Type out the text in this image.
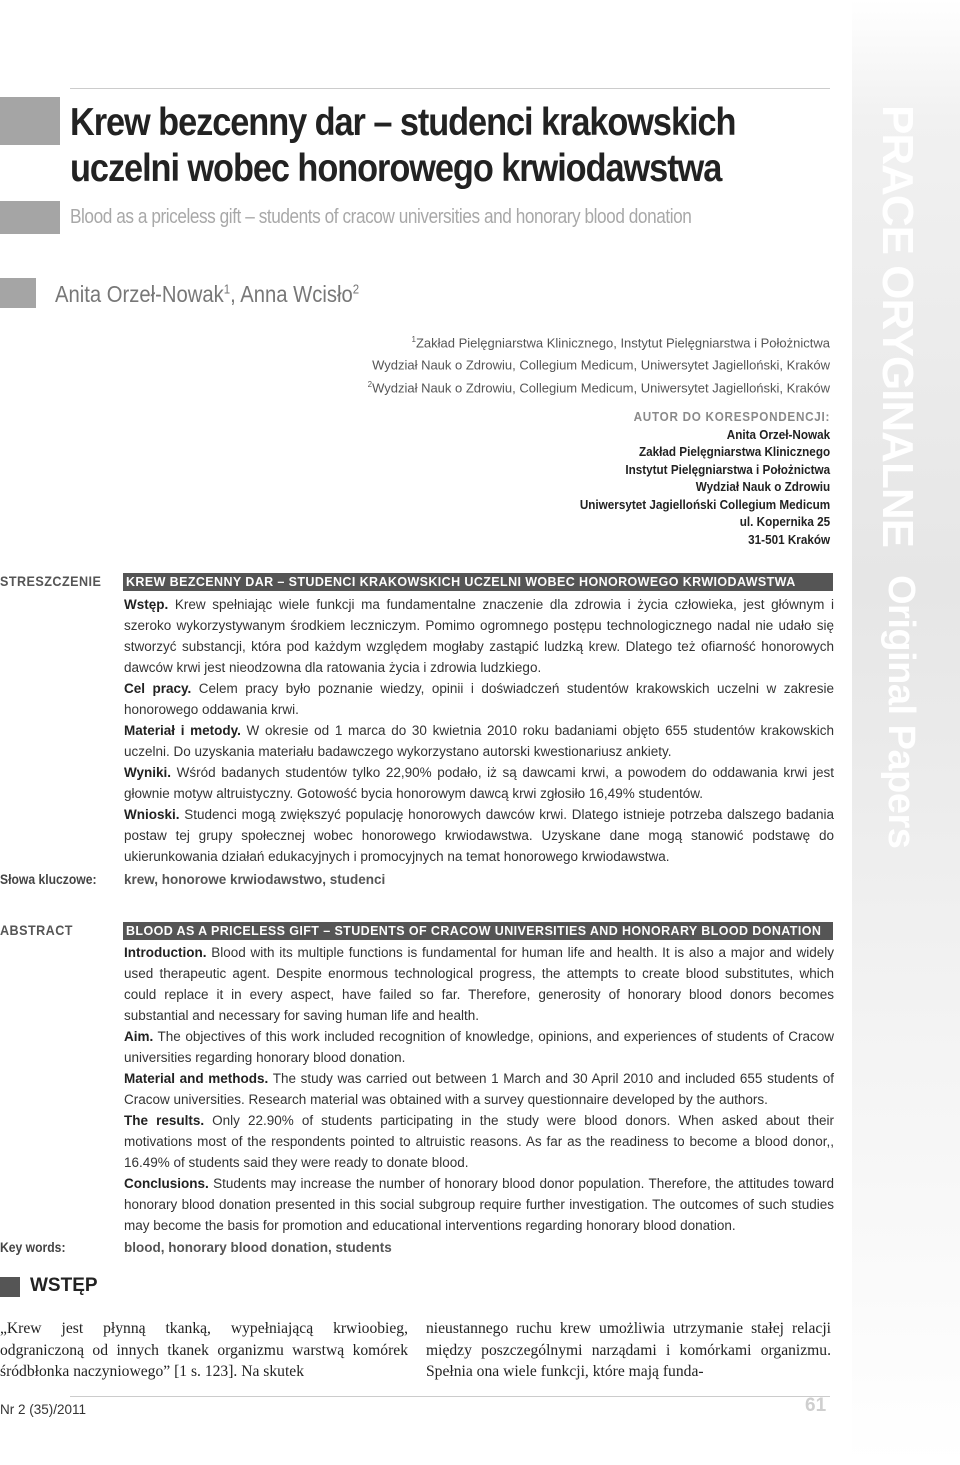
PRACE ORYGINALNE
Original Papers
Krew bezcenny dar – studenci krakowskich uczelni wobec honorowego krwiodawstwa
Blood as a priceless gift – students of cracow universities and honorary blood donation
Anita Orzeł-Nowak$^1$, Anna Wcisło$^2$
$^1$Zakład Pielęgniarstwa Klinicznego, Instytut Pielęgniarstwa i Położnictwa
Wydział Nauk o Zdrowiu, Collegium Medicum, Uniwersytet Jagielloński, Kraków
$^2$Wydział Nauk o Zdrowiu, Collegium Medicum, Uniwersytet Jagielloński, Kraków
AUTOR DO KORESPONDENCJI:
Anita Orzeł-Nowak
Zakład Pielęgniarstwa Klinicznego
Instytut Pielęgniarstwa i Położnictwa
Wydział Nauk o Zdrowiu
Uniwersytet Jagielloński Collegium Medicum
ul. Kopernika 25
31-501 Kraków
STRESZCZENIE KREW BEZCENNY DAR – STUDENCI KRAKOWSKICH UCZELNI WOBEC HONOROWEGO KRWIODAWSTWA

Wstęp. Krew spełniając wiele funkcji ma fundamentalne znaczenie dla zdrowia i życia człowieka, jest głównym i szeroko wykorzystywanym środkiem leczniczym. Pomimo ogromnego postępu technologicznego nadal nie udało się stworzyć substancji, która pod każdym względem mogłaby zastąpić ludzką krew. Dlatego też ofiarność honorowych dawców krwi jest nieodzowna dla ratowania życia i zdrowia ludzkiego.

Cel pracy. Celem pracy było poznanie wiedzy, opinii i doświadczeń studentów krakowskich uczelni w zakresie honorowego oddawania krwi.

Materiał i metody. W okresie od 1 marca do 30 kwietnia 2010 roku badaniami objęto 655 studentów krakowskich uczelni. Do uzyskania materiału badawczego wykorzystano autorski kwestionariusz ankiety.

Wyniki. Wśród badanych studentów tylko 22,90% podało, iż są dawcami krwi, a powodem do oddawania krwi jest głownie motyw altruistyczny. Gotowość bycia honorowym dawcą krwi zgłosiło 16,49% studentów.

Wnioski. Studenci mogą zwiększyć populację honorowych dawców krwi. Dlatego istnieje potrzeba dalszego badania postaw tej grupy społecznej wobec honorowego krwiodawstwa. Uzyskane dane mogą stanowić podstawę do ukierunkowania działań edukacyjnych i promocyjnych na temat honorowego krwiodawstwa.

Słowa kluczowe: krew, honorowe krwiodawstwo, studenci
ABSTRACT	BLOOD AS A PRICELESS GIFT – STUDENTS OF CRACOW UNIVERSITIES AND HONORARY BLOOD DONATION

Introduction. Blood with its multiple functions is fundamental for human life and health. It is also a major and widely used therapeutic agent. Despite enormous technological progress, the attempts to create blood substitutes, which could replace it in every aspect, have failed so far. Therefore, generosity of honorary blood donors becomes substantial and necessary for saving human life and health.

Aim. The objectives of this work included recognition of knowledge, opinions, and experiences of students of Cracow universities regarding honorary blood donation.

Material and methods. The study was carried out between 1 March and 30 April 2010 and included 655 students of Cracow universities. Research material was obtained with a survey questionnaire developed by the authors.

The results. Only 22.90% of students participating in the study were blood donors. When asked about their motivations most of the respondents pointed to altruistic reasons. As far as the readiness to become a blood donor,, 16.49% of students said they were ready to donate blood.

Conclusions. Students may increase the number of honorary blood donor population. Therefore, the attitudes toward honorary blood donation presented in this social subgroup require further investigation. The outcomes of such studies may become the basis for promotion and educational interventions regarding honorary blood donation.

Key words:	blood, honorary blood donation, students
WSTĘP
„Krew jest płynną tkanką, wypełniającą krwioobieg, odgraniczoną od innych tkanek organizmu warstwą komórek śródbłonka naczyniowego” [1 s. 123]. Na skutek
nieustannego ruchu krew umożliwia utrzymanie stałej relacji między poszczególnymi narządami i komórkami organizmu. Spełnia ona wiele funkcji, które mają funda-
Nr 2 (35)/2011	61
